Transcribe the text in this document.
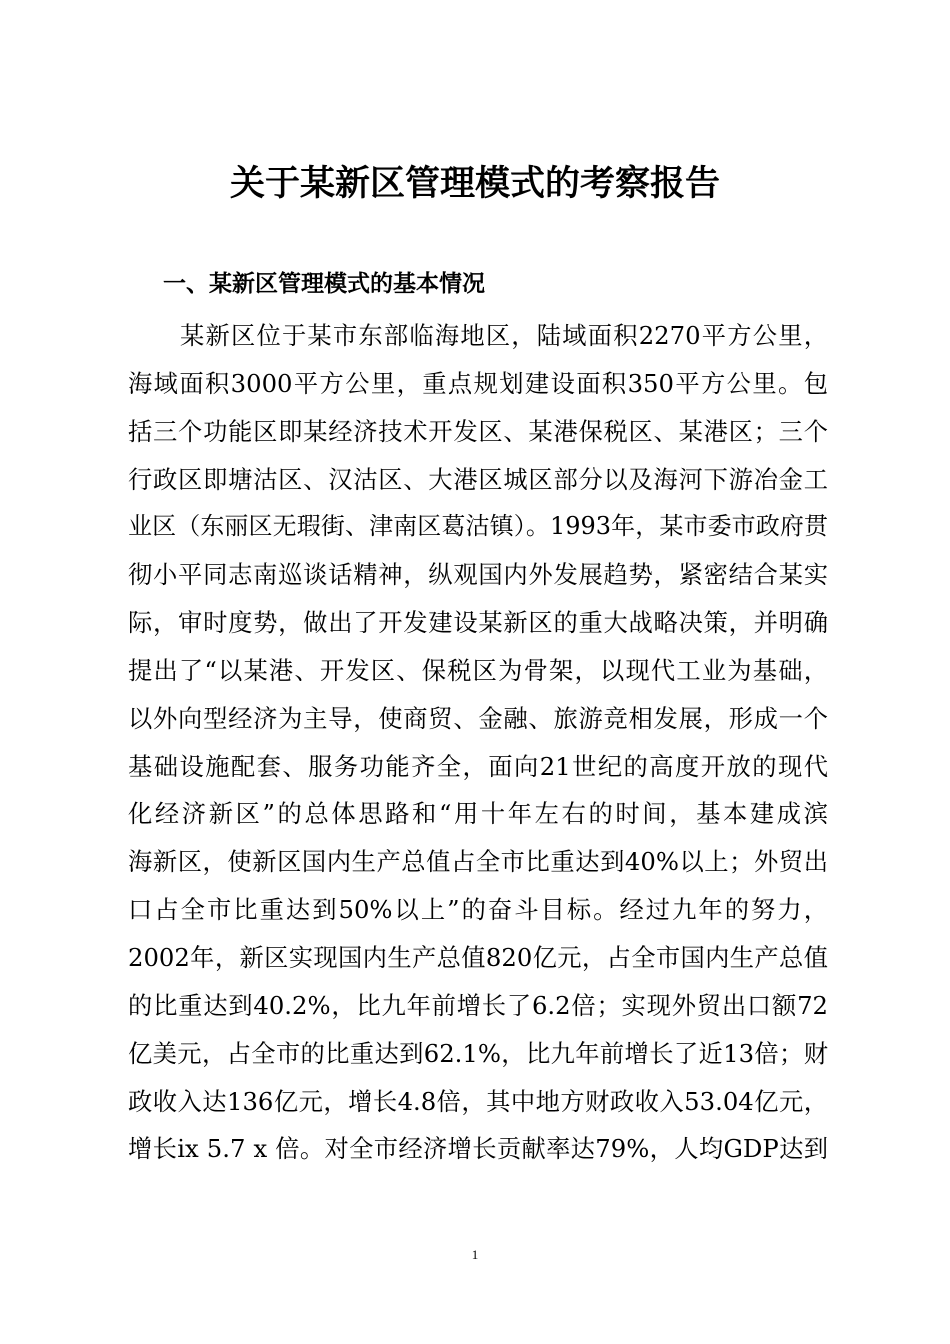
关于某新区管理模式的考察报告
一、某新区管理模式的基本情况
某新区位于某市东部临海地区，陆域面积2270平方公里，
海域面积3000平方公里，重点规划建设面积350平方公里。包
括三个功能区即某经济技术开发区、某港保税区、某港区；三个
行政区即塘沽区、汉沽区、大港区城区部分以及海河下游冶金工
业区（东丽区无瑕街、津南区葛沽镇）。1993年，某市委市政府贯
彻小平同志南巡谈话精神，纵观国内外发展趋势，紧密结合某实
际，审时度势，做出了开发建设某新区的重大战略决策，并明确
提出了“以某港、开发区、保税区为骨架，以现代工业为基础，
以外向型经济为主导，使商贸、金融、旅游竞相发展，形成一个
基础设施配套、服务功能齐全，面向21世纪的高度开放的现代
化经济新区”的总体思路和“用十年左右的时间，基本建成滨
海新区，使新区国内生产总值占全市比重达到40%以上；外贸出
口占全市比重达到50%以上”的奋斗目标。经过九年的努力，
2002年，新区实现国内生产总值820亿元，占全市国内生产总值
的比重达到40.2%，比九年前增长了6.2倍；实现外贸出口额72
亿美元，占全市的比重达到62.1%，比九年前增长了近13倍；财
政收入达136亿元，增长4.8倍，其中地方财政收入53.04亿元，
增长ix 5.7 x 倍。对全市经济增长贡献率达79%，人均GDP达到
1
